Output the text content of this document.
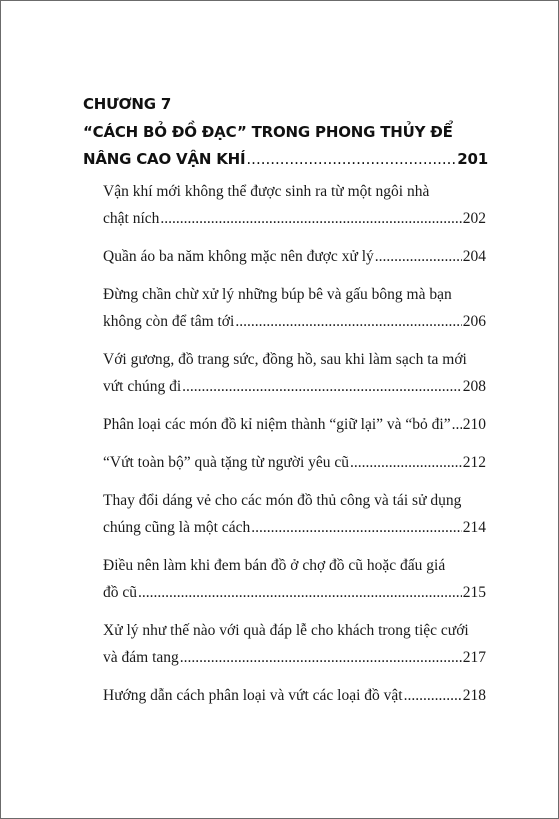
CHƯƠNG 7
“CÁCH BỎ ĐỒ ĐẠC” TRONG PHONG THỦY ĐỂ
NÂNG CAO VẬN KHÍ .....	201
Vận khí mới không thể được sinh ra từ một ngôi nhà
chật ních .....	202
Quần áo ba năm không mặc nên được xử lý .....	204
Đừng chần chừ xử lý những búp bê và gấu bông mà bạn
không còn để tâm tới .....	206
Với gương, đồ trang sức, đồng hồ, sau khi làm sạch ta mới
vứt chúng đi .....	208
Phân loại các món đồ kỉ niệm thành “giữ lại” và “bỏ đi” ..... 210
“Vứt toàn bộ” quà tặng từ người yêu cũ .....	212
Thay đổi dáng vẻ cho các món đồ thủ công và tái sử dụng
chúng cũng là một cách .....	214
Điều nên làm khi đem bán đồ ở chợ đồ cũ hoặc đấu giá
đồ cũ .....	215
Xử lý như thế nào với quà đáp lễ cho khách trong tiệc cưới
và đám tang .....	217
Hướng dẫn cách phân loại và vứt các loại đồ vật .....	218
